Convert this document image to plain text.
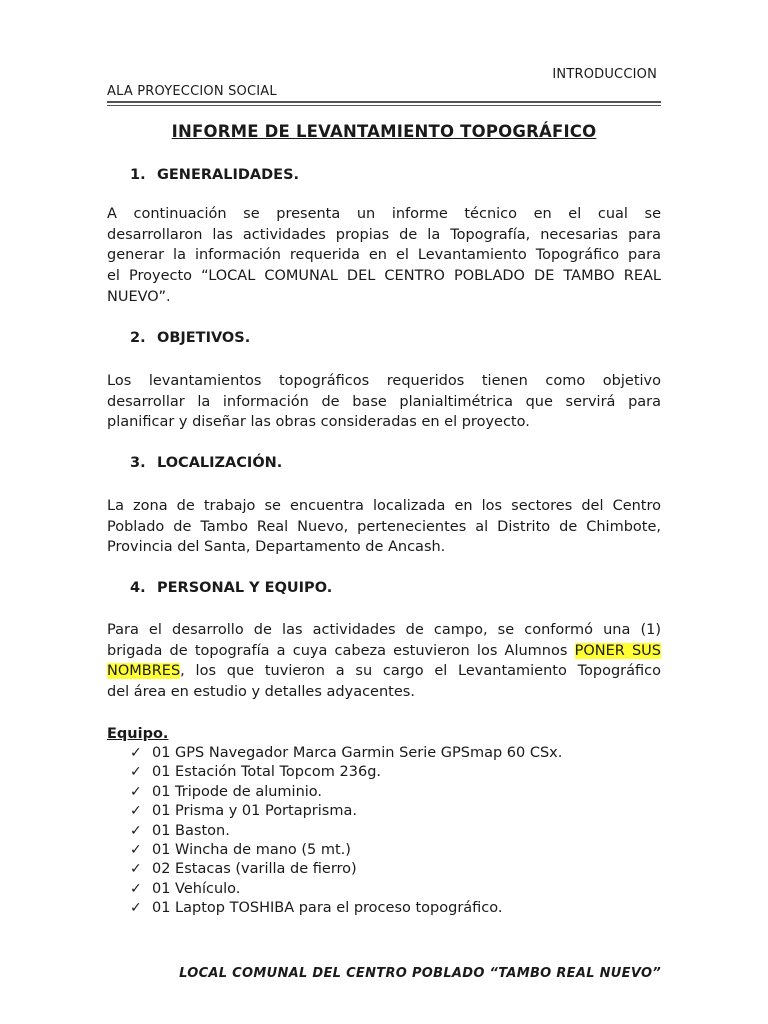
INTRODUCCION
ALA PROYECCION SOCIAL
INFORME DE LEVANTAMIENTO TOPOGRÁFICO
1. GENERALIDADES.
A continuación se presenta un informe técnico en el cual se
desarrollaron las actividades propias de la Topografía, necesarias para
generar la información requerida en el Levantamiento Topográfico para
el Proyecto “LOCAL COMUNAL DEL CENTRO POBLADO DE TAMBO REAL
NUEVO”.
2. OBJETIVOS.
Los levantamientos topográficos requeridos tienen como objetivo
desarrollar la información de base planialtimétrica que servirá para
planificar y diseñar las obras consideradas en el proyecto.
3. LOCALIZACIÓN.
La zona de trabajo se encuentra localizada en los sectores del Centro
Poblado de Tambo Real Nuevo, pertenecientes al Distrito de Chimbote,
Provincia del Santa, Departamento de Ancash.
4. PERSONAL Y EQUIPO.
Para el desarrollo de las actividades de campo, se conformó una (1)
brigada de topografía a cuya cabeza estuvieron los Alumnos PONER SUS
NOMBRES, los que tuvieron a su cargo el Levantamiento Topográfico
del área en estudio y detalles adyacentes.
Equipo.
✓ 01 GPS Navegador Marca Garmin Serie GPSmap 60 CSx.
✓ 01 Estación Total Topcom 236g.
✓ 01 Tripode de aluminio.
✓ 01 Prisma y 01 Portaprisma.
✓ 01 Baston.
✓ 01 Wincha de mano (5 mt.)
✓ 02 Estacas (varilla de fierro)
✓ 01 Vehículo.
✓ 01 Laptop TOSHIBA para el proceso topográfico.
LOCAL COMUNAL DEL CENTRO POBLADO “TAMBO REAL NUEVO”
